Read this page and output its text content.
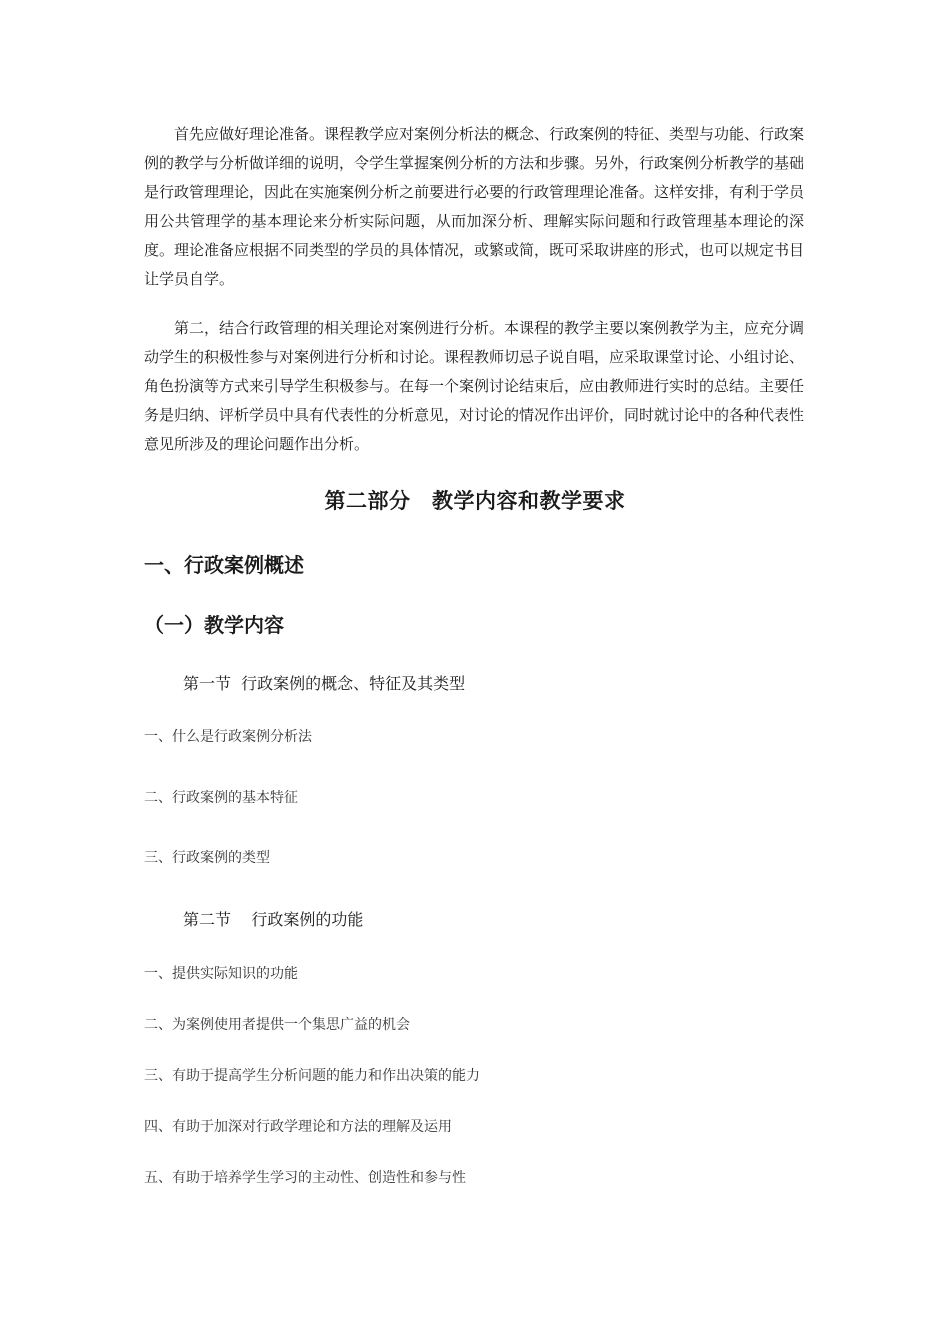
首先应做好理论准备。课程教学应对案例分析法的概念、行政案例的特征、类型与功能、行政案例的教学与分析做详细的说明，令学生掌握案例分析的方法和步骤。另外，行政案例分析教学的基础是行政管理理论，因此在实施案例分析之前要进行必要的行政管理理论准备。这样安排，有利于学员用公共管理学的基本理论来分析实际问题，从而加深分析、理解实际问题和行政管理基本理论的深度。理论准备应根据不同类型的学员的具体情况，或繁或简，既可采取讲座的形式，也可以规定书目让学员自学。

第二，结合行政管理的相关理论对案例进行分析。本课程的教学主要以案例教学为主，应充分调动学生的积极性参与对案例进行分析和讨论。课程教师切忌子说自唱，应采取课堂讨论、小组讨论、角色扮演等方式来引导学生积极参与。在每一个案例讨论结束后，应由教师进行实时的总结。主要任务是归纳、评析学员中具有代表性的分析意见，对讨论的情况作出评价，同时就讨论中的各种代表性意见所涉及的理论问题作出分析。

第二部分　教学内容和教学要求
一、行政案例概述
（一）教学内容
第一节  行政案例的概念、特征及其类型
一、什么是行政案例分析法
二、行政案例的基本特征
三、行政案例的类型
第二节    行政案例的功能
一、提供实际知识的功能
二、为案例使用者提供一个集思广益的机会
三、有助于提高学生分析问题的能力和作出决策的能力
四、有助于加深对行政学理论和方法的理解及运用
五、有助于培养学生学习的主动性、创造性和参与性
